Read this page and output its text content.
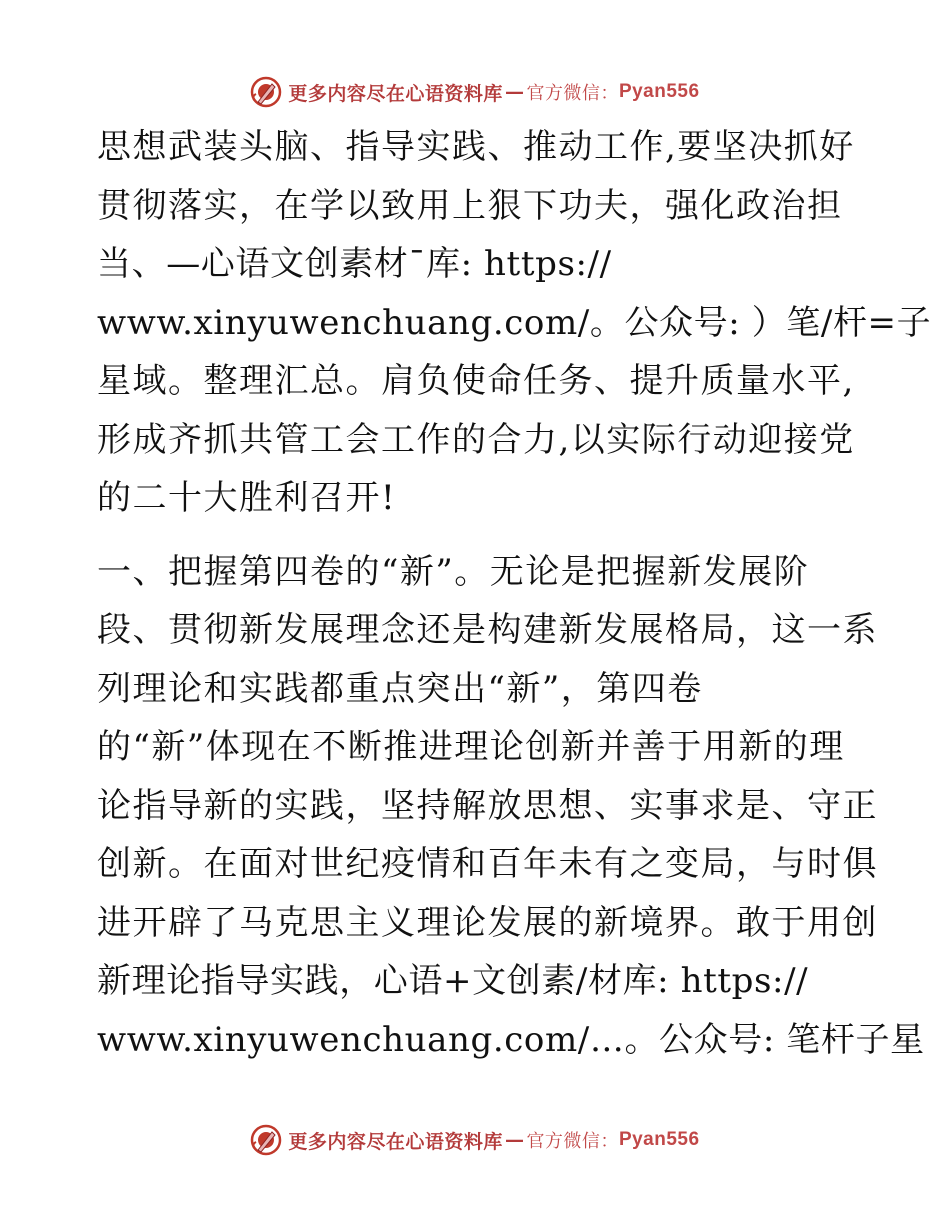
更多内容尽在心语资料库 — 官方微信： Pyan556
思想武装头脑、指导实践、推动工作,要坚决抓好
贯彻落实，在学以致用上狠下功夫，强化政治担
当、—心语文创素材¯库: https://
www.xinyuwenchuang.com/。公众号: ）笔/杆=子
星域。整理汇总。肩负使命任务、提升质量水平,
形成齐抓共管工会工作的合力,以实际行动迎接党
的二十大胜利召开!
一、把握第四卷的“新”。无论是把握新发展阶
段、贯彻新发展理念还是构建新发展格局，这一系
列理论和实践都重点突出“新”，第四卷
的“新”体现在不断推进理论创新并善于用新的理
论指导新的实践，坚持解放思想、实事求是、守正
创新。在面对世纪疫情和百年未有之变局，与时俱
进开辟了马克思主义理论发展的新境界。敢于用创
新理论指导实践，心语+文创素/材库: https://
www.xinyuwenchuang.com/…。公众号: 笔杆子星
更多内容尽在心语资料库 — 官方微信： Pyan556
